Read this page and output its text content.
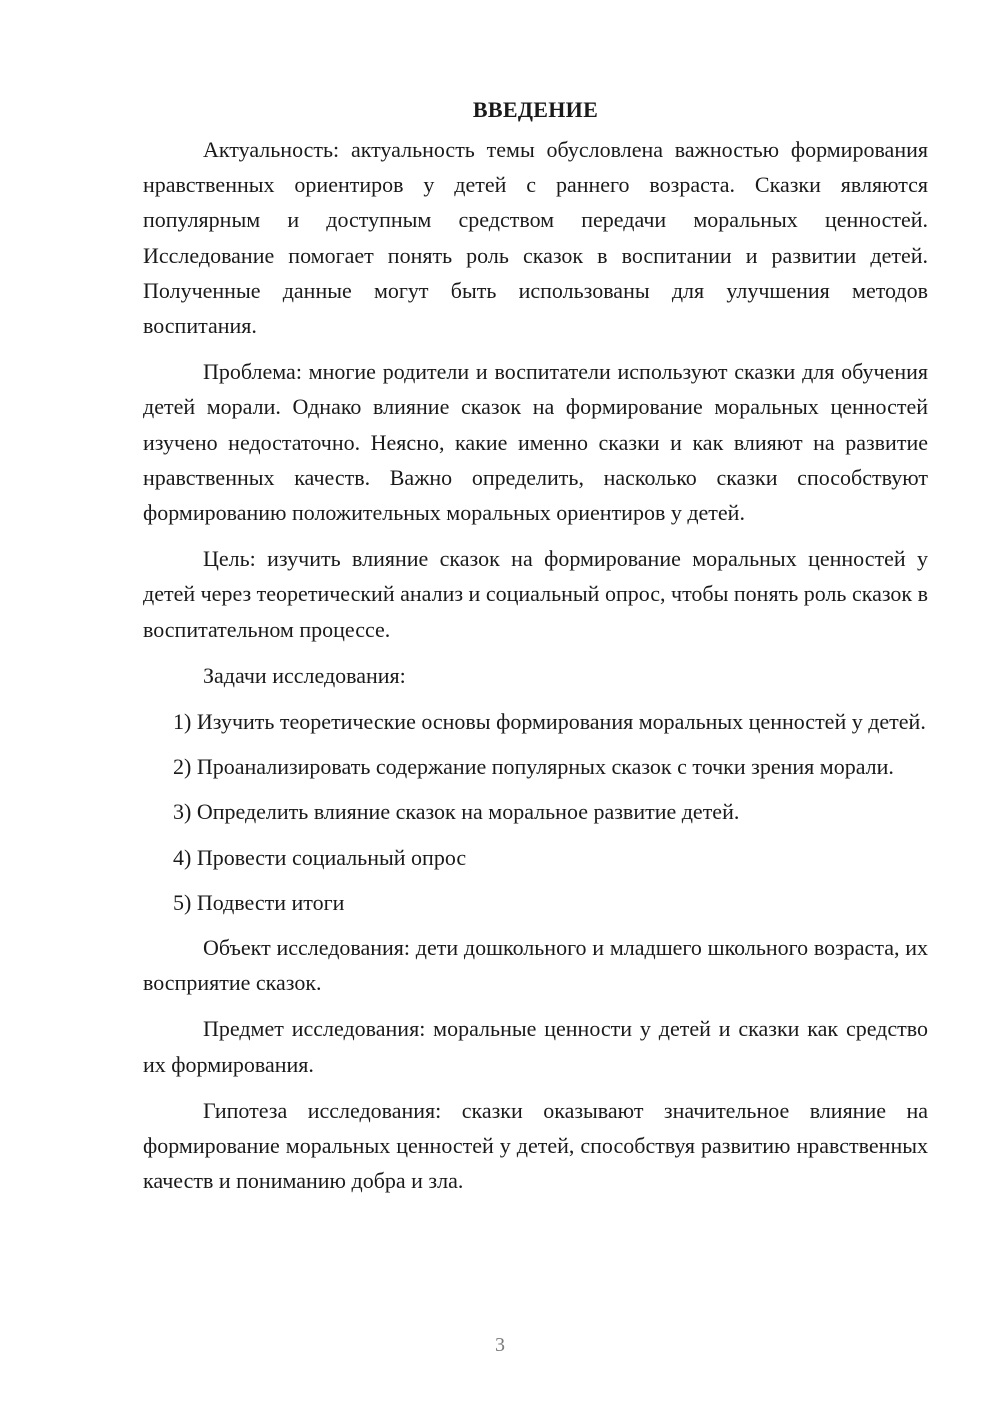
ВВЕДЕНИЕ

Актуальность: актуальность темы обусловлена важностью формирования нравственных ориентиров у детей с раннего возраста. Сказки являются популярным и доступным средством передачи моральных ценностей. Исследование помогает понять роль сказок в воспитании и развитии детей. Полученные данные могут быть использованы для улучшения методов воспитания.

Проблема: многие родители и воспитатели используют сказки для обучения детей морали. Однако влияние сказок на формирование моральных ценностей изучено недостаточно. Неясно, какие именно сказки и как влияют на развитие нравственных качеств. Важно определить, насколько сказки способствуют формированию положительных моральных ориентиров у детей.

Цель: изучить влияние сказок на формирование моральных ценностей у детей через теоретический анализ и социальный опрос, чтобы понять роль сказок в воспитательном процессе.

Задачи исследования:

1) Изучить теоретические основы формирования моральных ценностей у детей.

2) Проанализировать содержание популярных сказок с точки зрения морали.

3) Определить влияние сказок на моральное развитие детей.

4) Провести социальный опрос

5) Подвести итоги

Объект исследования: дети дошкольного и младшего школьного возраста, их восприятие сказок.

Предмет исследования: моральные ценности у детей и сказки как средство их формирования.

Гипотеза исследования: сказки оказывают значительное влияние на формирование моральных ценностей у детей, способствуя развитию нравственных качеств и пониманию добра и зла.

3
